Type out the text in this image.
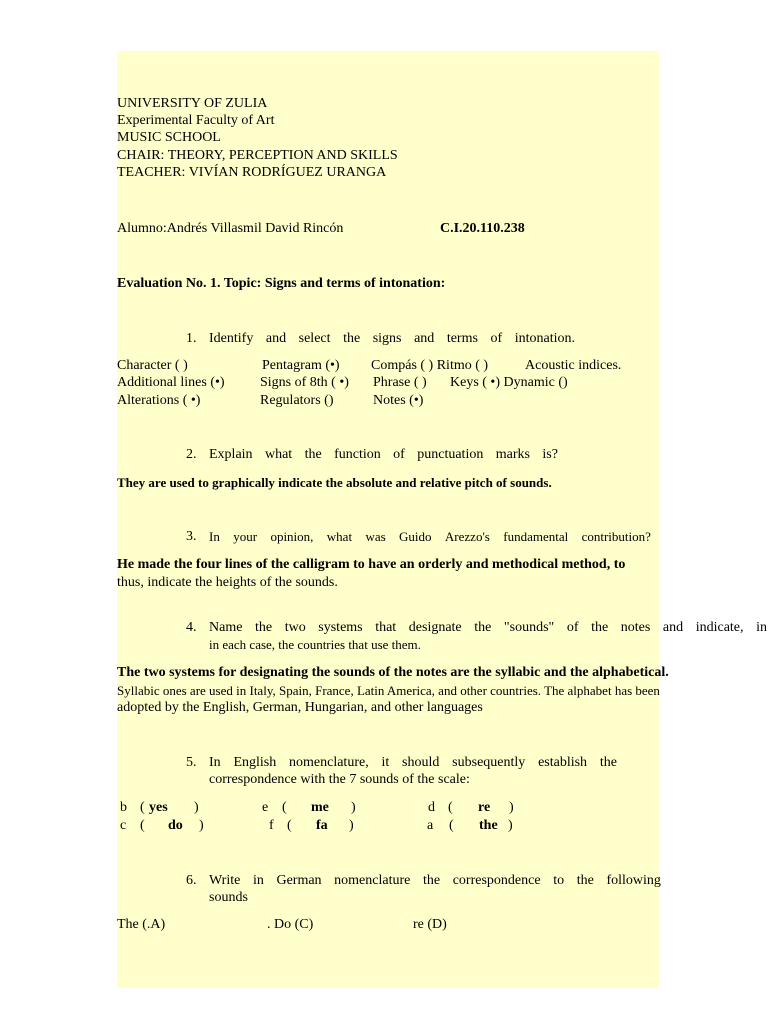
UNIVERSITY OF ZULIA
Experimental Faculty of Art
MUSIC SCHOOL
CHAIR: THEORY, PERCEPTION AND SKILLS
TEACHER: VIVÍAN RODRÍGUEZ URANGA
Alumno:Andrés Villasmil David Rincón	C.I.20.110.238
Evaluation No. 1. Topic: Signs and terms of intonation:
1. Identify and select the signs and terms of intonation.
Character ( )	Pentagram (•) Compás ( ) Ritmo ( )	Acoustic indices.
Additional lines (•)	Signs of 8th ( •) Phrase ( ) Keys ( •) Dynamic ()
Alterations ( •)	Regulators ()	Notes (•)
2. Explain what the function of punctuation marks is?
They are used to graphically indicate the absolute and relative pitch of sounds.
3. In your opinion, what was Guido Arezzo's fundamental contribution?
He made the four lines of the calligram to have an orderly and methodical method, to
thus, indicate the heights of the sounds.
4. Name the two systems that designate the "sounds" of the notes and indicate, in
in each case, the countries that use them.
The two systems for designating the sounds of the notes are the syllabic and the alphabetical.
Syllabic ones are used in Italy, Spain, France, Latin America, and other countries. The alphabet has been
adopted by the English, German, Hungarian, and other languages
5. In English nomenclature, it should subsequently establish the
correspondence with the 7 sounds of the scale:
b ( yes )	e ( me )	d ( re )
c ( do )	f ( fa )	a ( the )
6. Write in German nomenclature the correspondence to the following
sounds
The (.A)	. Do (C)	re (D)
